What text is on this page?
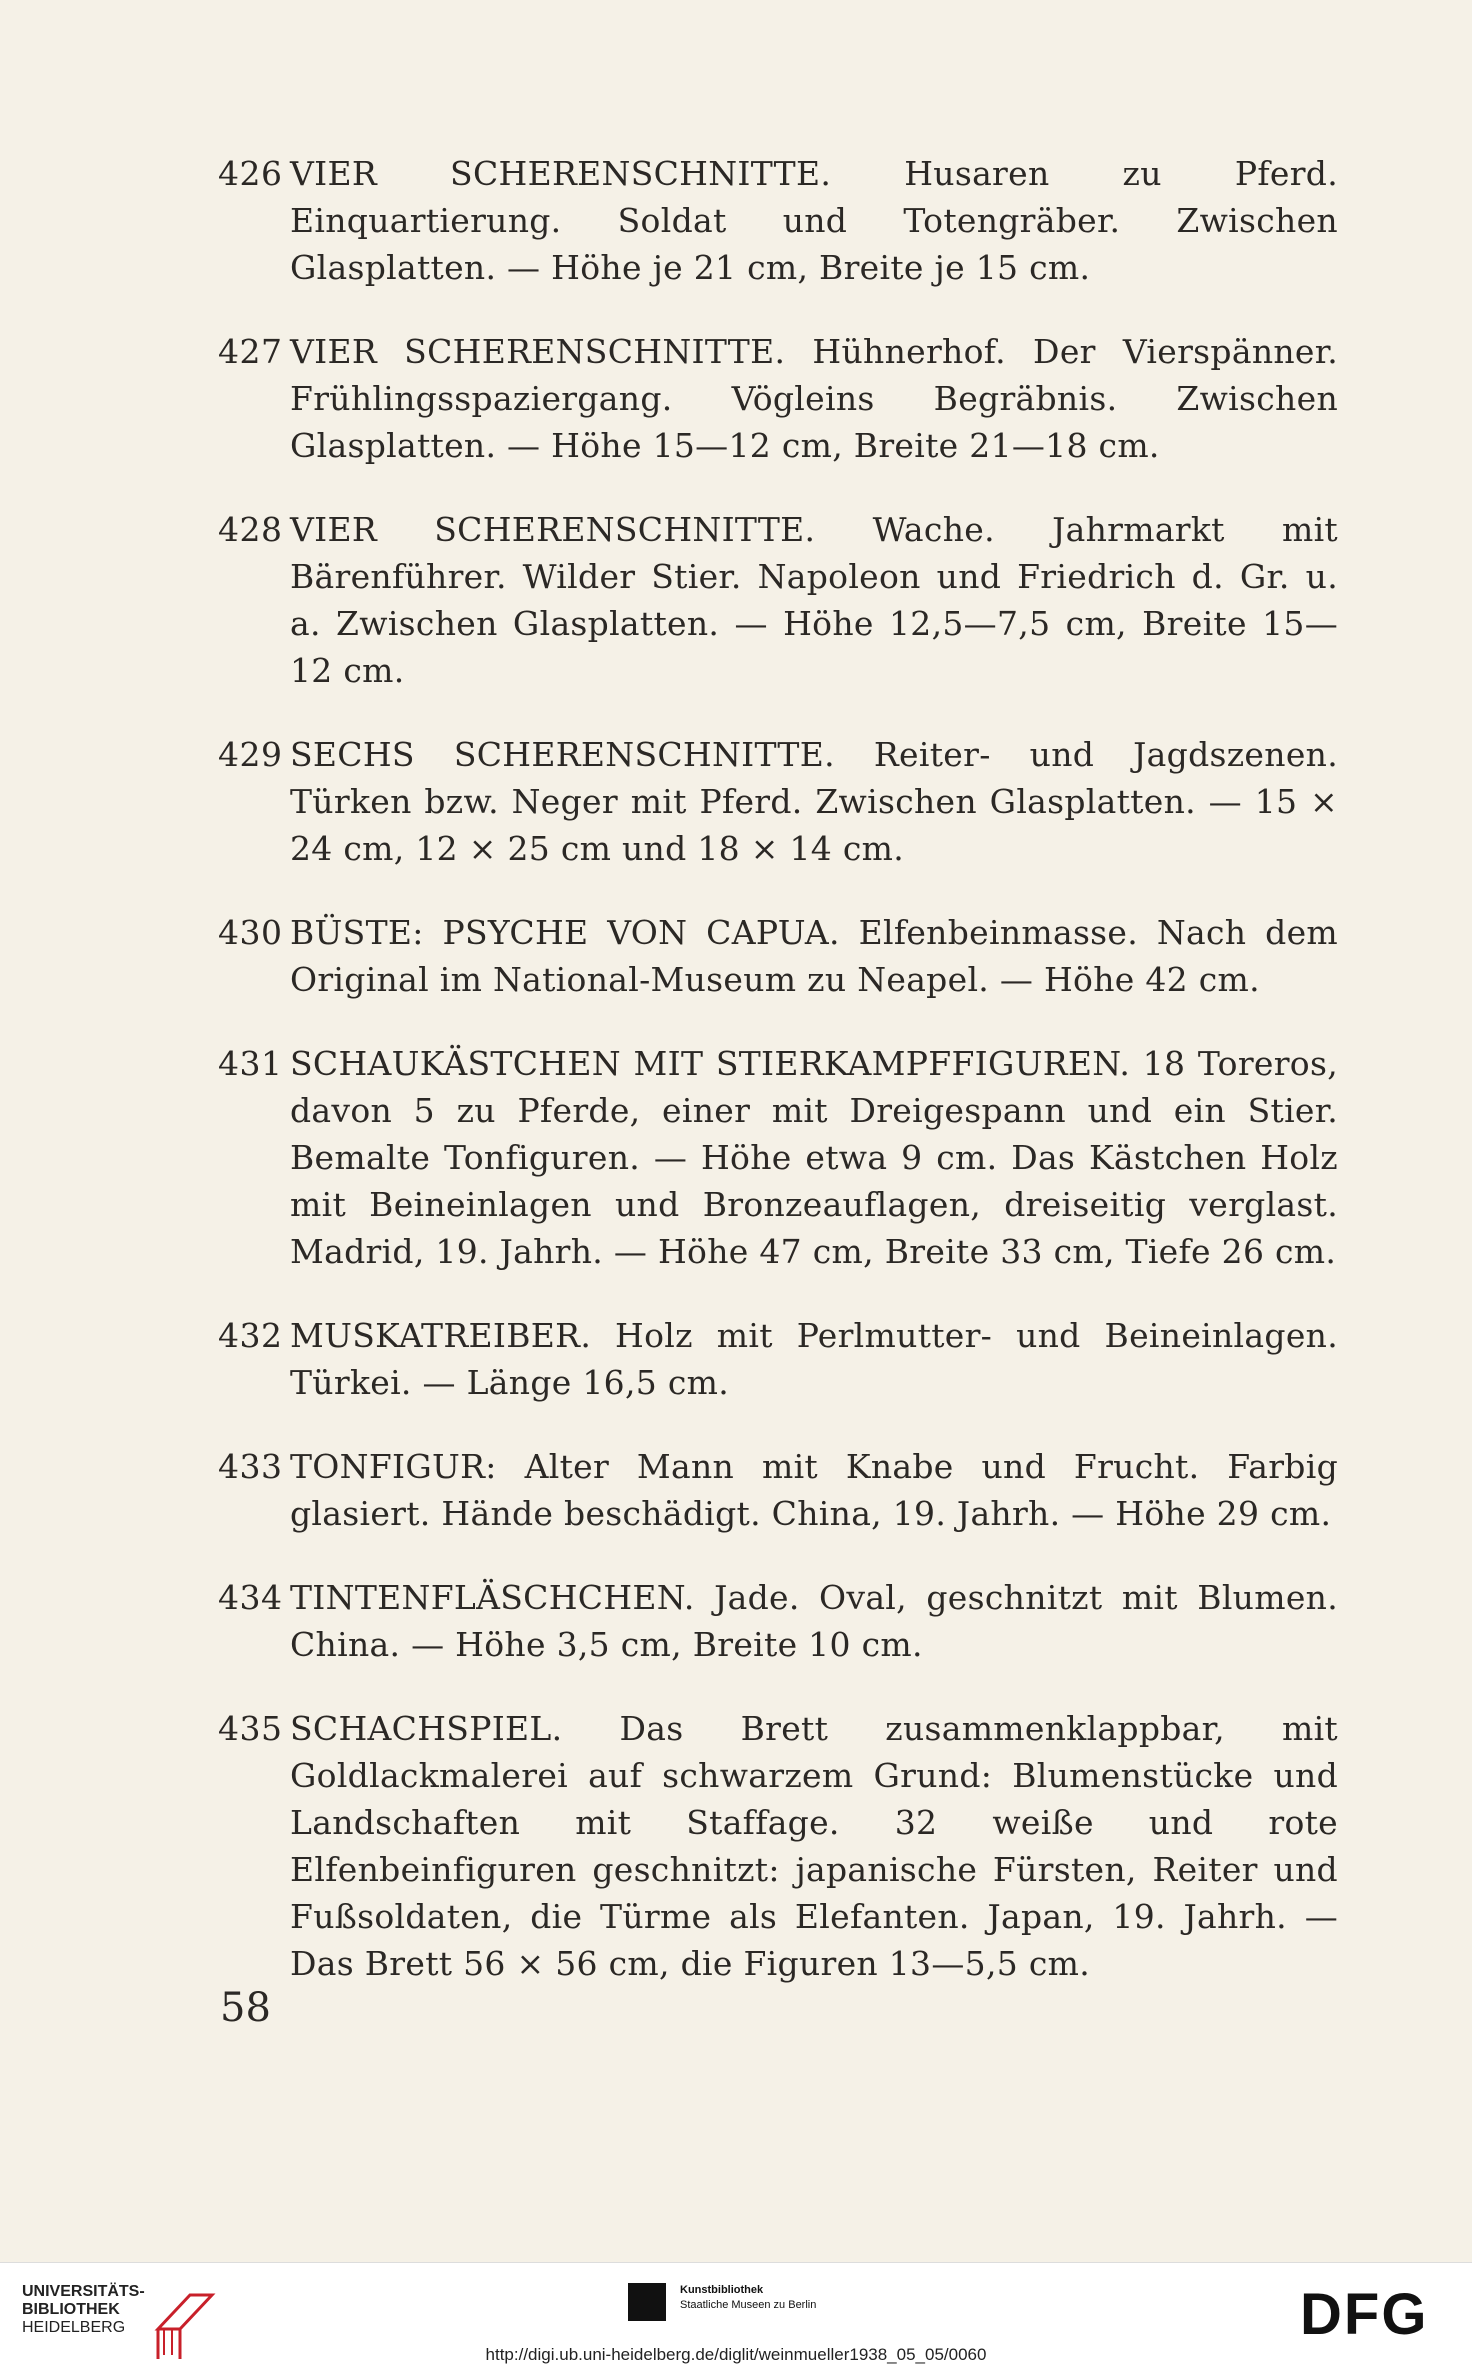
426 VIER SCHERENSCHNITTE. Husaren zu Pferd. Einquartierung. Soldat und Totengräber. Zwischen Glasplatten. — Höhe je 21 cm, Breite je 15 cm.
427 VIER SCHERENSCHNITTE. Hühnerhof. Der Vierspänner. Frühlingsspaziergang. Vögleins Begräbnis. Zwischen Glasplatten. — Höhe 15—12 cm, Breite 21—18 cm.
428 VIER SCHERENSCHNITTE. Wache. Jahrmarkt mit Bärenführer. Wilder Stier. Napoleon und Friedrich d. Gr. u. a. Zwischen Glasplatten. — Höhe 12,5—7,5 cm, Breite 15—12 cm.
429 SECHS SCHERENSCHNITTE. Reiter- und Jagdszenen. Türken bzw. Neger mit Pferd. Zwischen Glasplatten. — 15 × 24 cm, 12 × 25 cm und 18 × 14 cm.
430 BÜSTE: PSYCHE VON CAPUA. Elfenbeinmasse. Nach dem Original im National-Museum zu Neapel. — Höhe 42 cm.
431 SCHAUKÄSTCHEN MIT STIERKAMPFFIGUREN. 18 Toreros, davon 5 zu Pferde, einer mit Dreigespann und ein Stier. Bemalte Tonfiguren. — Höhe etwa 9 cm. Das Kästchen Holz mit Beineinlagen und Bronzeauflagen, dreiseitig verglast. Madrid, 19. Jahrh. — Höhe 47 cm, Breite 33 cm, Tiefe 26 cm.
432 MUSKATREIBER. Holz mit Perlmutter- und Beineinlagen. Türkei. — Länge 16,5 cm.
433 TONFIGUR: Alter Mann mit Knabe und Frucht. Farbig glasiert. Hände beschädigt. China, 19. Jahrh. — Höhe 29 cm.
434 TINTENFLÄSCHCHEN. Jade. Oval, geschnitzt mit Blumen. China. — Höhe 3,5 cm, Breite 10 cm.
435 SCHACHSPIEL. Das Brett zusammenklappbar, mit Goldlackmalerei auf schwarzem Grund: Blumenstücke und Landschaften mit Staffage. 32 weiße und rote Elfenbeinfiguren geschnitzt: japanische Fürsten, Reiter und Fußsoldaten, die Türme als Elefanten. Japan, 19. Jahrh. — Das Brett 56 × 56 cm, die Figuren 13—5,5 cm.
58
UNIVERSITÄTS-
BIBLIOTHEK
HEIDELBERG
Kunstbibliothek
Staatliche Museen zu Berlin	DFG
http://digi.ub.uni-heidelberg.de/diglit/weinmueller1938_05_05/0060
